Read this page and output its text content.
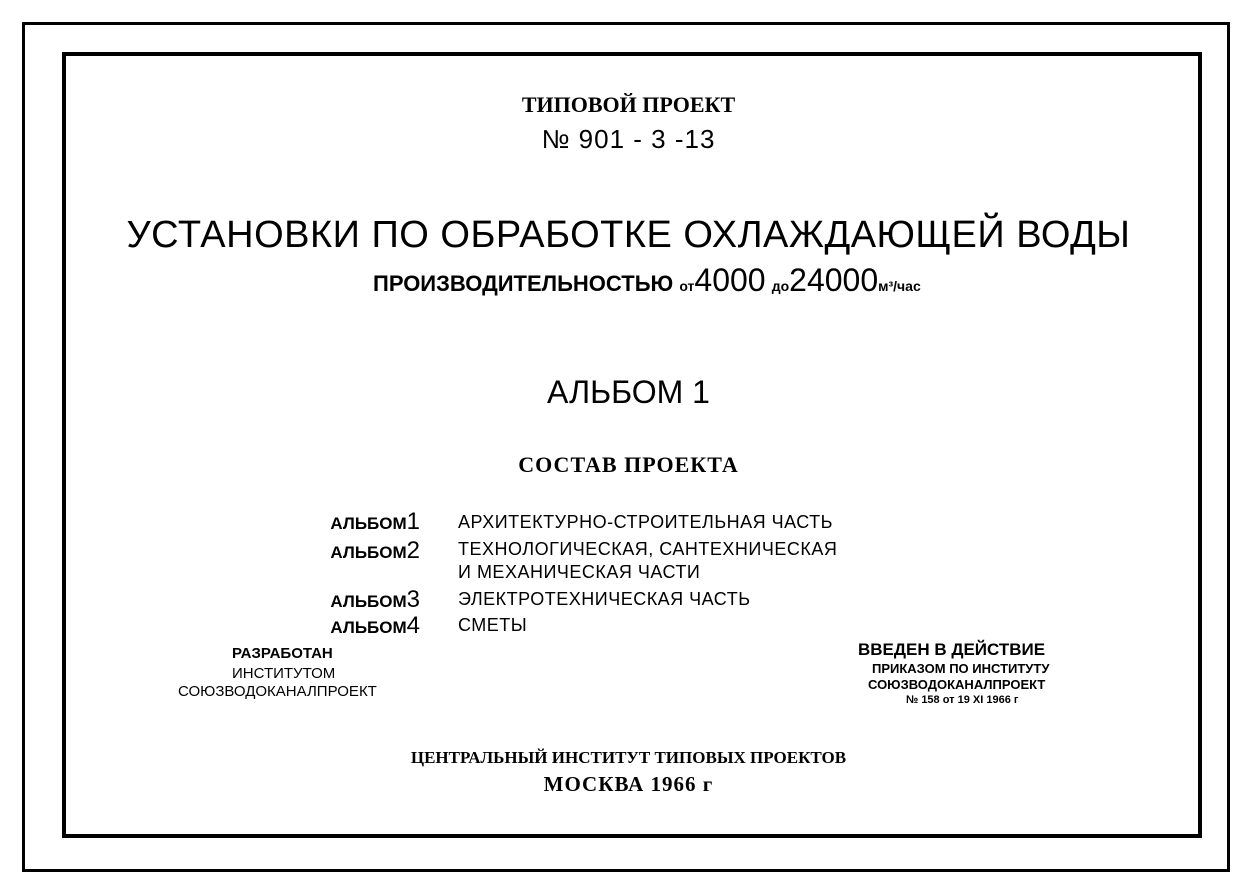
ТИПОВОЙ ПРОЕКТ
№ 901 - 3 -13
УСТАНОВКИ ПО ОБРАБОТКЕ ОХЛАЖДАЮЩЕЙ ВОДЫ
ПРОИЗВОДИТЕЛЬНОСТЬЮ от4000 до24000м³/час
АЛЬБОМ 1
СОСТАВ ПРОЕКТА
АЛЬБОМ1 АРХИТЕКТУРНО-СТРОИТЕЛЬНАЯ ЧАСТЬ
АЛЬБОМ2 ТЕХНОЛОГИЧЕСКАЯ, САНТЕХНИЧЕСКАЯ
И МЕХАНИЧЕСКАЯ ЧАСТИ
АЛЬБОМ3 ЭЛЕКТРОТЕХНИЧЕСКАЯ ЧАСТЬ
АЛЬБОМ4 СМЕТЫ
РАЗРАБОТАН
ИНСТИТУТОМ
СОЮЗВОДОКАНАЛПРОЕКТ
ВВЕДЕН В ДЕЙСТВИЕ
ПРИКАЗОМ ПО ИНСТИТУТУ
СОЮЗВОДОКАНАЛПРОЕКТ
№ 158 от 19 XI 1966 г
ЦЕНТРАЛЬНЫЙ ИНСТИТУТ ТИПОВЫХ ПРОЕКТОВ
МОСКВА 1966 г
